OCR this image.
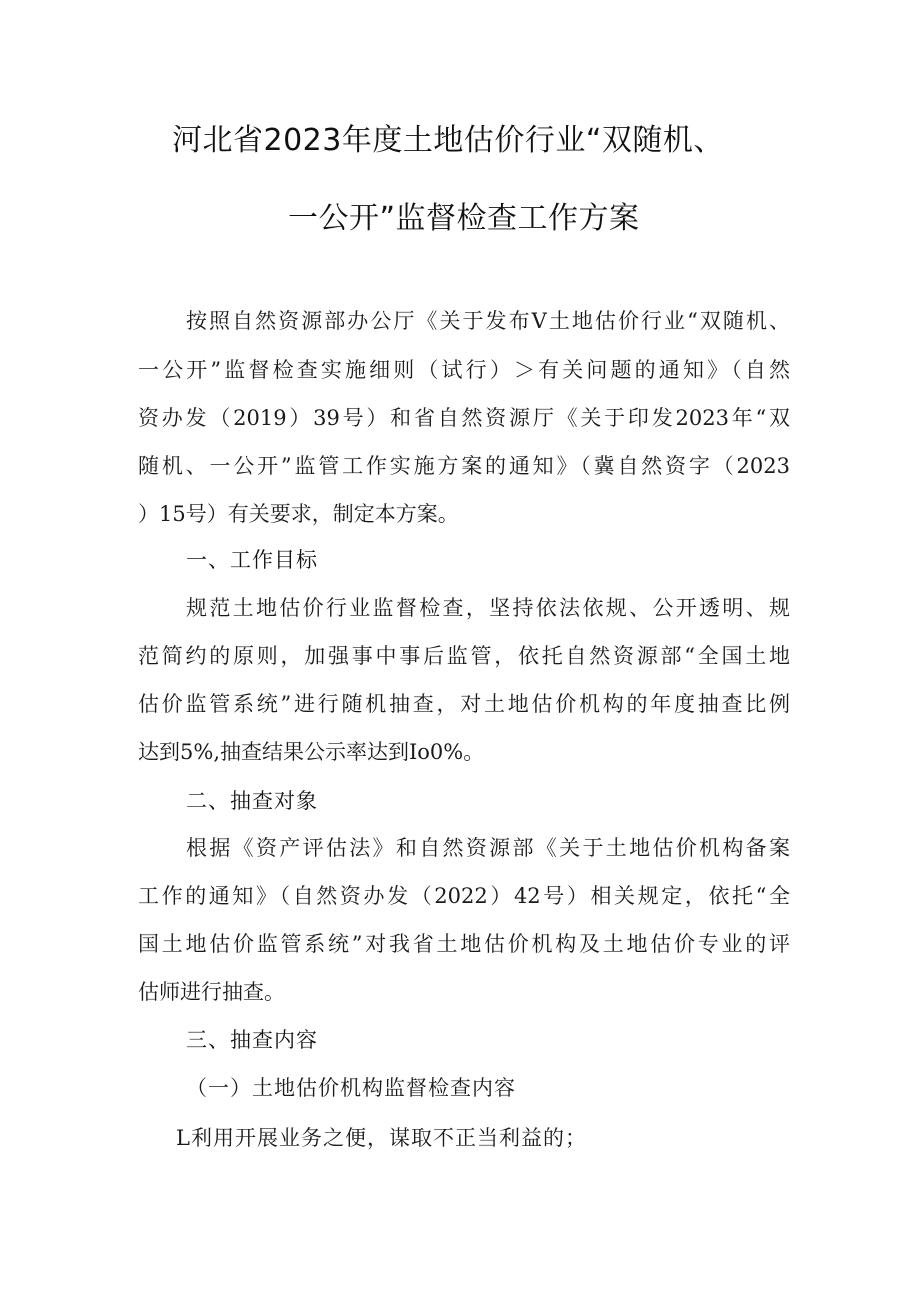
河北省2023年度土地估价行业“双随机、
一公开”监督检查工作方案
按照自然资源部办公厅《关于发布V土地估价行业“双随机、
一公开”监督检查实施细则（试行）＞有关问题的通知》（自然
资办发（2019）39号）和省自然资源厅《关于印发2023年“双
随机、一公开”监管工作实施方案的通知》（冀自然资字（2023
）15号）有关要求，制定本方案。
一、工作目标
规范土地估价行业监督检查，坚持依法依规、公开透明、规
范简约的原则，加强事中事后监管，依托自然资源部“全国土地
估价监管系统”进行随机抽查，对土地估价机构的年度抽查比例
达到5%,抽查结果公示率达到Io0%。
二、抽查对象
根据《资产评估法》和自然资源部《关于土地估价机构备案
工作的通知》（自然资办发（2022）42号）相关规定，依托“全
国土地估价监管系统”对我省土地估价机构及土地估价专业的评
估师进行抽查。
三、抽查内容
（一）土地估价机构监督检查内容
L利用开展业务之便，谋取不正当利益的；
